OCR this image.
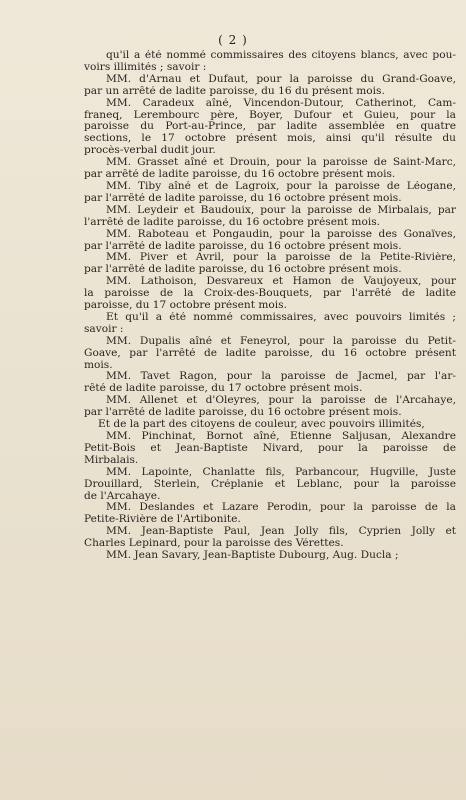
( 2 )
qu'il a été nommé commissaires des citoyens blancs, avec pou-
voirs illimités ; savoir :
MM. d'Arnau et Dufaut, pour la paroisse du Grand-Goave,
par un arrêté de ladite paroisse, du 16 du présent mois.
MM. Caradeux aîné, Vincendon-Dutour, Catherinot, Cam-
franeq, Lerembourc père, Boyer, Dufour et Guieu, pour la
paroisse du Port-au-Prince, par ladite assemblée en quatre
sections, le 17 octobre présent mois, ainsi qu'il résulte du
procès-verbal dudit jour.
MM. Grasset aîné et Drouin, pour la paroisse de Saint-Marc,
par arrêté de ladite paroisse, du 16 octobre présent mois.
MM. Tiby aîné et de Lagroix, pour la paroisse de Léogane,
par l'arrêté de ladite paroisse, du 16 octobre présent mois.
MM. Leydeir et Baudouix, pour la paroisse de Mirbalais, par
l'arrêté de ladite paroisse, du 16 octobre présent mois.
MM. Raboteau et Pongaudin, pour la paroisse des Gonaïves,
par l'arrêté de ladite paroisse, du 16 octobre présent mois.
MM. Piver et Avril, pour la paroisse de la Petite-Rivière,
par l'arrêté de ladite paroisse, du 16 octobre présent mois.
MM. Lathoison, Desvareux et Hamon de Vaujoyeux, pour
la paroisse de la Croix-des-Bouquets, par l'arrêté de ladite
paroisse, du 17 octobre présent mois.
Et qu'il a été nommé commissaires, avec pouvoirs limités ;
savoir :
MM. Dupalis aîné et Feneyrol, pour la paroisse du Petit-
Goave, par l'arrêté de ladite paroisse, du 16 octobre présent
mois.
MM. Tavet Ragon, pour la paroisse de Jacmel, par l'ar-
rêté de ladite paroisse, du 17 octobre présent mois.
MM. Allenet et d'Oleyres, pour la paroisse de l'Arcahaye,
par l'arrêté de ladite paroisse, du 16 octobre présent mois.
Et de la part des citoyens de couleur, avec pouvoirs illimités,
MM. Pinchinat, Bornot aîné, Etienne Saljusan, Alexandre
Petit-Bois et Jean-Baptiste Nivard, pour la paroisse de
Mirbalais.
MM. Lapointe, Chanlatte fils, Parbancour, Hugville, Juste
Drouillard, Sterlein, Créplanie et Leblanc, pour la paroisse
de l'Arcahaye.
MM. Deslandes et Lazare Perodin, pour la paroisse de la
Petite-Rivière de l'Artibonite.
MM. Jean-Baptiste Paul, Jean Jolly fils, Cyprien Jolly et
Charles Lepinard, pour la paroisse des Vérettes.
MM. Jean Savary, Jean-Baptiste Dubourg, Aug. Ducla ;
